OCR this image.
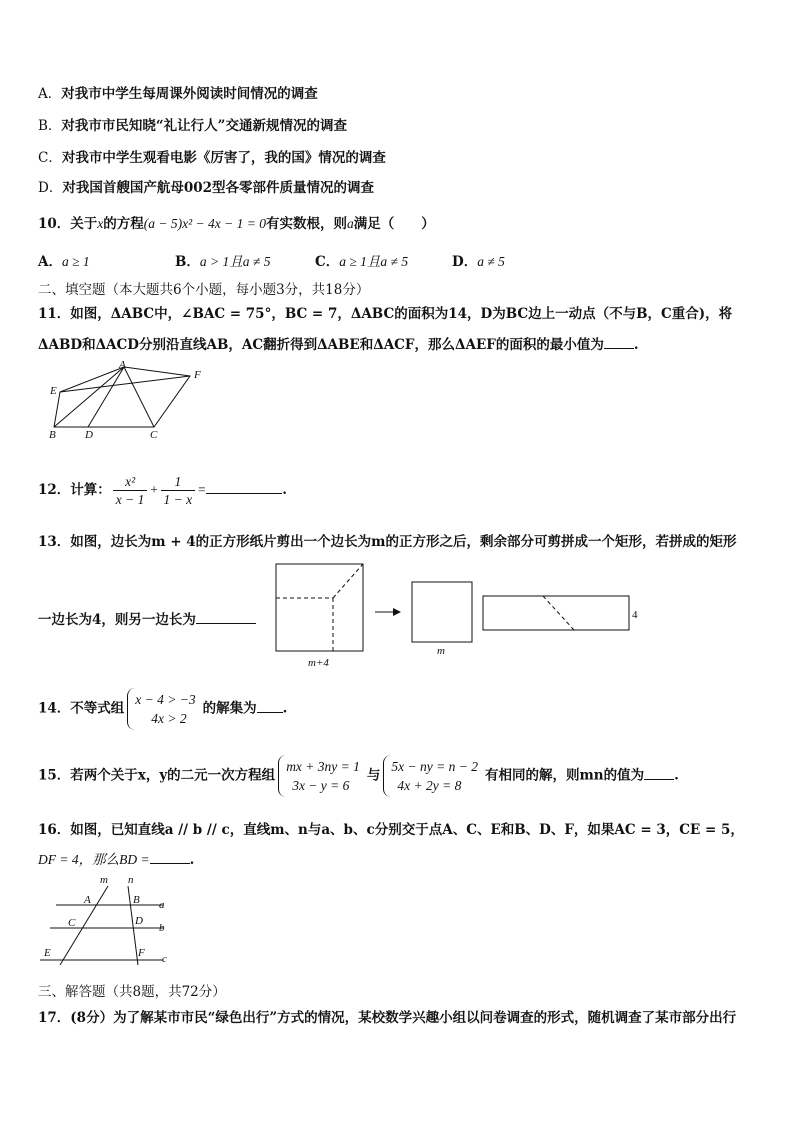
A．对我市中学生每周课外阅读时间情况的调查
B．对我市市民知晓“礼让行人”交通新规情况的调查
C．对我市中学生观看电影《厉害了，我的国》情况的调查
D．对我国首艘国产航母002型各零部件质量情况的调查
10．关于x的方程(a − 5)x² − 4x − 1 = 0有实数根，则a满足（　　）
A．a ≥ 1	B．a > 1且a ≠ 5	C．a ≥ 1且a ≠ 5	D．a ≠ 5
二、填空题（本大题共6个小题，每小题3分，共18分）
11．如图，ΔABC中，∠BAC = 75°，BC = 7，ΔABC的面积为14，D为BC边上一动点（不与B，C重合)，将
ΔABD和ΔACD分别沿直线AB，AC翻折得到ΔABE和ΔACF，那么ΔAEF的面积的最小值为 .
A
F
E
B	D	C
12．计算： $\frac{\text{x²}}{x - 1} + \frac{1}{1 - x}$ =	.
13．如图，边长为m + 4的正方形纸片剪出一个边长为m的正方形之后，剩余部分可剪拼成一个矩形，若拼成的矩形
一边长为4，则另一边长为
m+4
m
4
14．不等式组
x − 4 > −3
4x > 2
的解集为 .
15．若两个关于x，y的二元一次方程组
mx + 3ny = 1
3x − y = 6
与
5x − ny = n − 2
4x + 2y = 8
有相同的解，则mn的值为 .
16．如图，已知直线a // b // c，直线m、n与a、b、c分别交于点A、C、E和B、D、F，如果AC = 3，CE = 5，
DF = 4，那么BD =	.
m n
A	B
C	D
E	F
a
b
c
三、解答题（共8题，共72分）
17．(8分）为了解某市市民“绿色出行”方式的情况，某校数学兴趣小组以问卷调查的形式，随机调查了某市部分出行
